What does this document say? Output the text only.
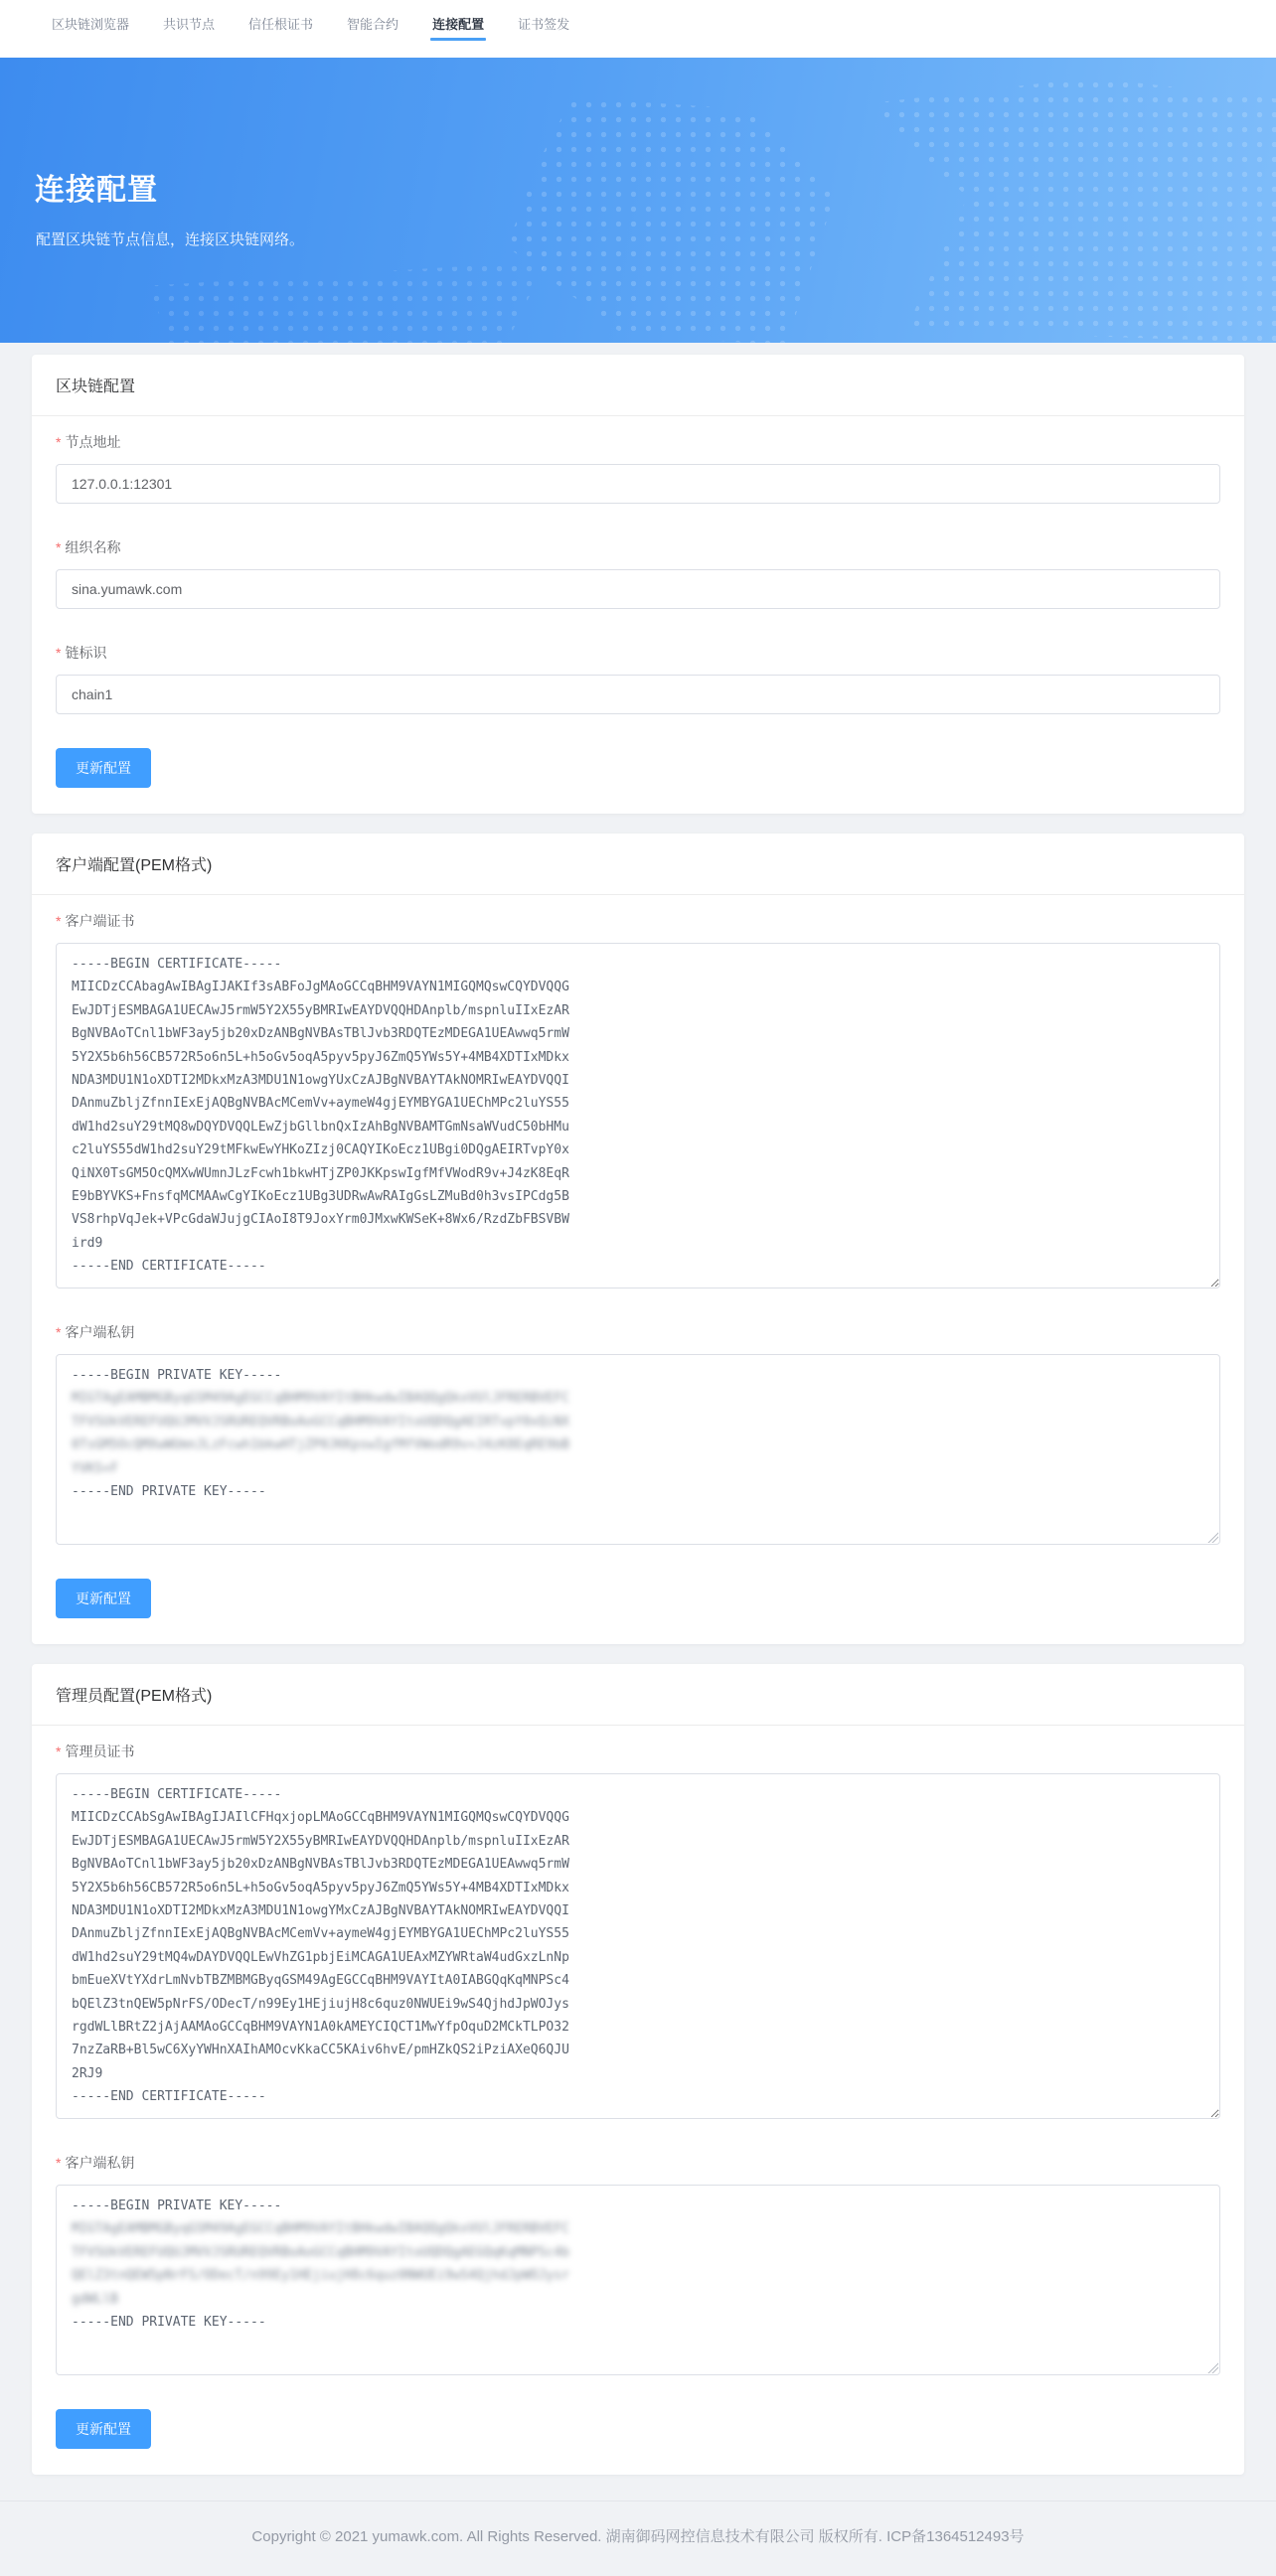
区块链浏览器	共识节点	信任根证书	智能合约	连接配置	证书签发
连接配置
配置区块链节点信息，连接区块链网络。
区块链配置
* 节点地址
127.0.0.1:12301
* 组织名称
sina.yumawk.com
* 链标识
chain1
更新配置
客户端配置(PEM格式)
* 客户端证书
-----BEGIN CERTIFICATE----- MIICDzCCAbagAwIBAgIJAKIf3sABFoJgMAoGCCqBHM9VAYN1MIGQMQswCQYDVQQG EwJDTjESMBAGA1UECAwJ5rmW5Y2X55yBMRIwEAYDVQQHDAnplb/mspnluIIxEzAR BgNVBAoTCnl1bWF3ay5jb20xDzANBgNVBAsTBlJvb3RDQTEzMDEGA1UEAwwq5rmW 5Y2X5b6h56CB572R5o6n5L+h5oGv5oqA5pyv5pyJ6ZmQ5YWs5Y+4MB4XDTIxMDkx NDA3MDU1N1oXDTI2MDkxMzA3MDU1N1owgYUxCzAJBgNVBAYTAkNOMRIwEAYDVQQI DAnmuZbljZfnnIExEjAQBgNVBAcMCemVv+aymeW4gjEYMBYGA1UEChMPc2luYS55 dW1hd2suY29tMQ8wDQYDVQQLEwZjbGllbnQxIzAhBgNVBAMTGmNsaWVudC50bHMu c2luYS55dW1hd2suY29tMFkwEwYHKoZIzj0CAQYIKoEcz1UBgi0DQgAEIRTvpY0x QiNX0TsGM5OcQMXwWUmnJLzFcwh1bkwHTjZP0JKKpswIgfMfVWodR9v+J4zK8EqR E9bBYVKS+FnsfqMCMAAwCgYIKoEcz1UBg3UDRwAwRAIgGsLZMuBd0h3vsIPCdg5B VS8rhpVqJek+VPcGdaWJujgCIAoI8T9JoxYrm0JMxwKWSeK+8Wx6/RzdZbFBSVBW ird9 -----END CERTIFICATE-----
* 客户端私钥
-----BEGIN PRIVATE KEY-----
MIGTAgEAMBMGByqGSM49AgEGCCqBHM9VAYItBHkwdwIBAQQgQkxVUlJFRERBVEFC
TFVSUkVEREFUQUJMVVJSRUREQVRBoAoGCCqBHM9VAYItoUQDQgAEIRTvpY0xQiNX
0TsGM5OcQMXwWUmnJLzFcwh1bkwHTjZP0JKKpswIgfMfVWodR9v+J4zK8EqRE9bB
YVKS+F
-----END PRIVATE KEY-----
更新配置
管理员配置(PEM格式)
* 管理员证书
-----BEGIN CERTIFICATE----- MIICDzCCAbSgAwIBAgIJAIlCFHqxjopLMAoGCCqBHM9VAYN1MIGQMQswCQYDVQQG EwJDTjESMBAGA1UECAwJ5rmW5Y2X55yBMRIwEAYDVQQHDAnplb/mspnluIIxEzAR BgNVBAoTCnl1bWF3ay5jb20xDzANBgNVBAsTBlJvb3RDQTEzMDEGA1UEAwwq5rmW 5Y2X5b6h56CB572R5o6n5L+h5oGv5oqA5pyv5pyJ6ZmQ5YWs5Y+4MB4XDTIxMDkx NDA3MDU1N1oXDTI2MDkxMzA3MDU1N1owgYMxCzAJBgNVBAYTAkNOMRIwEAYDVQQI DAnmuZbljZfnnIExEjAQBgNVBAcMCemVv+aymeW4gjEYMBYGA1UEChMPc2luYS55 dW1hd2suY29tMQ4wDAYDVQQLEwVhZG1pbjEiMCAGA1UEAxMZYWRtaW4udGxzLnNp bmEueXVtYXdrLmNvbTBZMBMGByqGSM49AgEGCCqBHM9VAYItA0IABGQqKqMNPSc4 bQElZ3tnQEW5pNrFS/ODecT/n99Ey1HEjiujH8c6quz0NWUEi9wS4QjhdJpWOJys rgdWLlBRtZ2jAjAAMAoGCCqBHM9VAYN1A0kAMEYCIQCT1MwYfpOquD2MCkTLPO32 7nzZaRB+Bl5wC6XyYWHnXAIhAMOcvKkaCC5KAiv6hvE/pmHZkQS2iPziAXeQ6QJU 2RJ9 -----END CERTIFICATE-----
* 客户端私钥
-----BEGIN PRIVATE KEY-----
MIGTAgEAMBMGByqGSM49AgEGCCqBHM9VAYItBHkwdwIBAQQgQkxVUlJFRERBVEFC
TFVSUkVEREFUQUJMVVJSRUREQVRBoAoGCCqBHM9VAYItoUQDQgAEGQqKqMNPSc4b
QElZ3tnQEW5pNrFS/ODecT/n99Ey1HEjiujH8c6quz0NWUEi9wS4QjhdJpWOJysr
gdWLlB
-----END PRIVATE KEY-----
更新配置
Copyright © 2021 yumawk.com. All Rights Reserved. 湖南御码网控信息技术有限公司 版权所有. ICP备1364512493号
